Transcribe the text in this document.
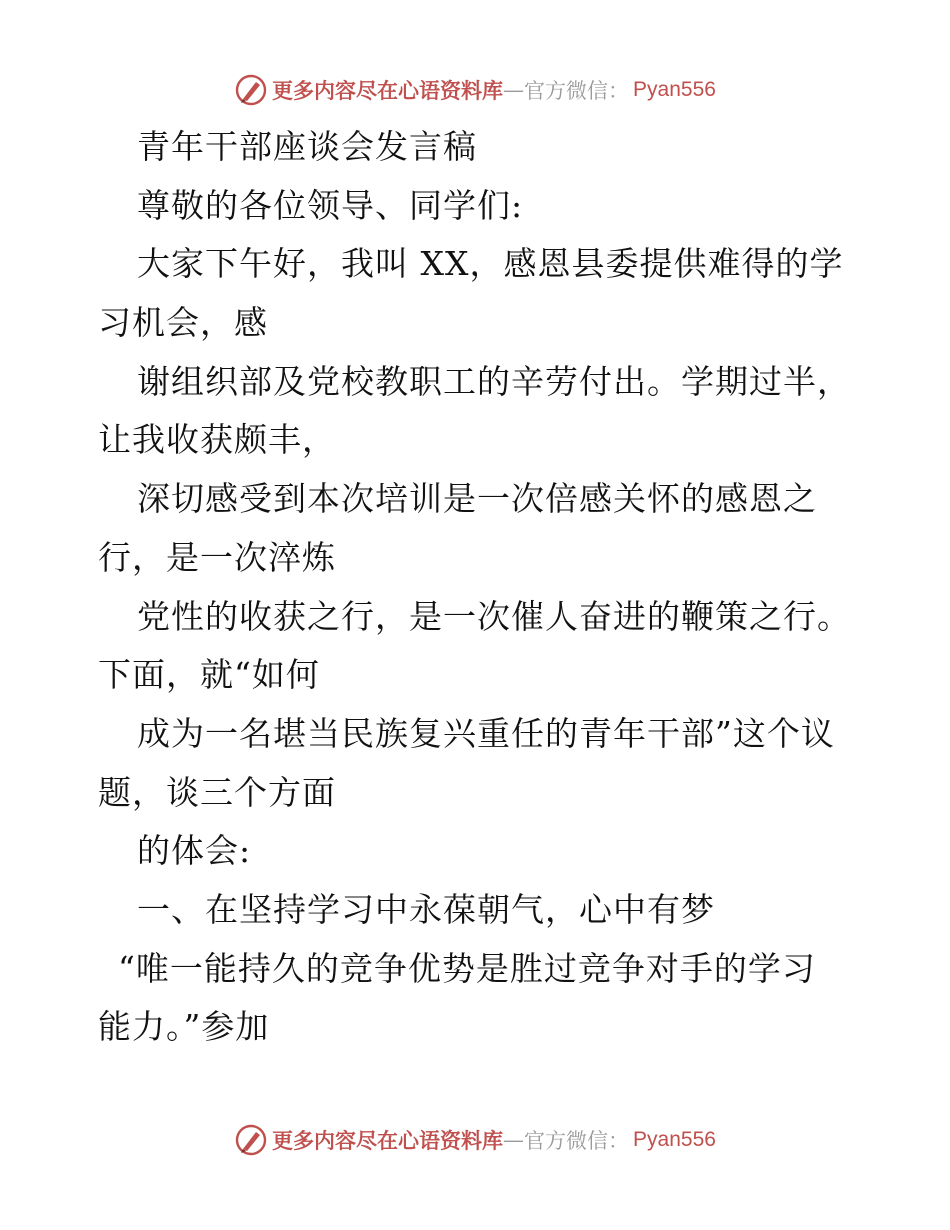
更多内容尽在心语资料库 — 官方微信： Pyan556
青年干部座谈会发言稿
尊敬的各位领导、同学们:
大家下午好，我叫 XX，感恩县委提供难得的学
习机会，感
谢组织部及党校教职工的辛劳付出。学期过半，
让我收获颇丰，
深切感受到本次培训是一次倍感关怀的感恩之
行，是一次淬炼
党性的收获之行，是一次催人奋进的鞭策之行。
下面，就“如何
成为一名堪当民族复兴重任的青年干部”这个议
题，谈三个方面
的体会:
一、在坚持学习中永葆朝气，心中有梦
“唯一能持久的竞争优势是胜过竞争对手的学习
能力。”参加
更多内容尽在心语资料库 — 官方微信： Pyan556
